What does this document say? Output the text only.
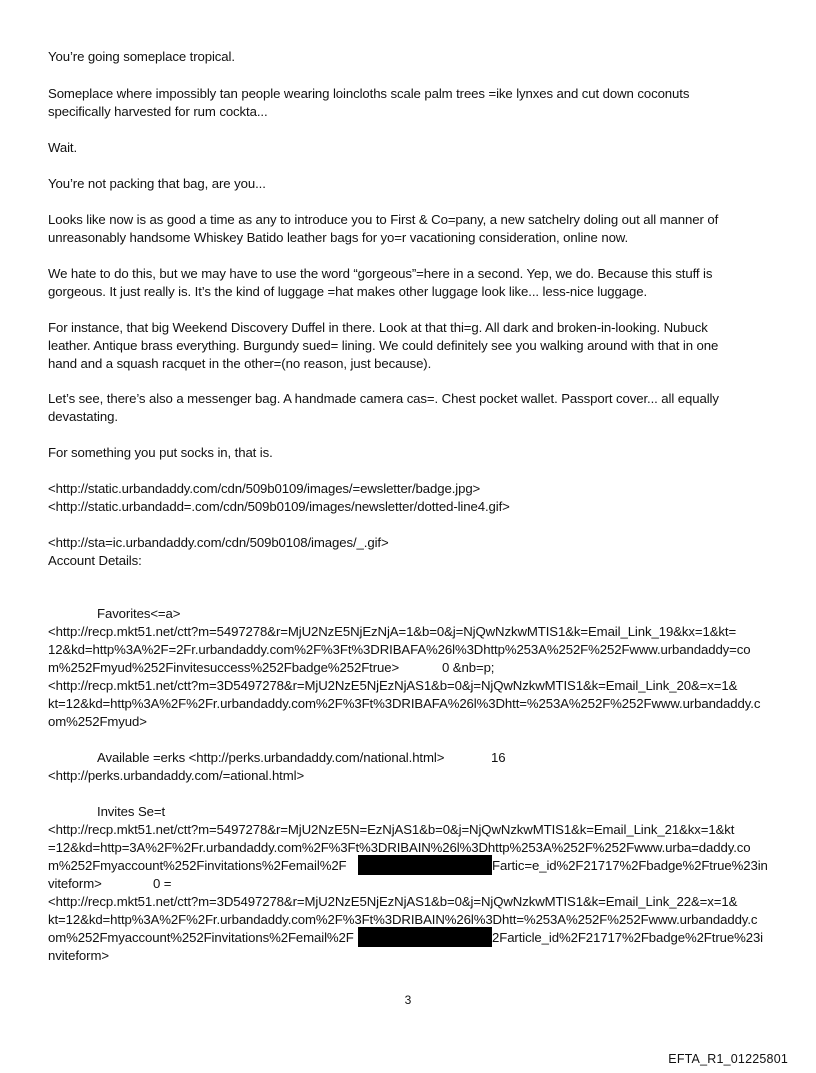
You’re going someplace tropical.
Someplace where impossibly tan people wearing loincloths scale palm trees =ike lynxes and cut down coconuts
specifically harvested for rum cockta...
Wait.
You’re not packing that bag, are you...
Looks like now is as good a time as any to introduce you to First & Co=pany, a new satchelry doling out all manner of
unreasonably handsome Whiskey Batido leather bags for yo=r vacationing consideration, online now.
We hate to do this, but we may have to use the word “gorgeous”=here in a second. Yep, we do. Because this stuff is
gorgeous. It just really is. It’s the kind of luggage =hat makes other luggage look like... less-nice luggage.
For instance, that big Weekend Discovery Duffel in there. Look at that thi=g. All dark and broken-in-looking. Nubuck
leather. Antique brass everything. Burgundy sued= lining. We could definitely see you walking around with that in one
hand and a squash racquet in the other=(no reason, just because).
Let’s see, there’s also a messenger bag. A handmade camera cas=. Chest pocket wallet. Passport cover... all equally
devastating.
For something you put socks in, that is.
<http://static.urbandaddy.com/cdn/509b0109/images/=ewsletter/badge.jpg>
<http://static.urbandadd=.com/cdn/509b0109/images/newsletter/dotted-line4.gif>
<http://sta=ic.urbandaddy.com/cdn/509b0108/images/_.gif>
Account Details:
Favorites<=a>
<http://recp.mkt51.net/ctt?m=5497278&r=MjU2NzE5NjEzNjA=1&b=0&j=NjQwNzkwMTIS1&k=Email_Link_19&kx=1&kt=
12&kd=http%3A%2F=2Fr.urbandaddy.com%2F%3Ft%3DRIBAFA%26l%3Dhttp%253A%252F%252Fwww.urbandaddy=co
m%252Fmyud%252Finvitesuccess%252Fbadge%252Ftrue>	0 &nb=p;
<http://recp.mkt51.net/ctt?m=3D5497278&r=MjU2NzE5NjEzNjAS1&b=0&j=NjQwNzkwMTIS1&k=Email_Link_20&=x=1&
kt=12&kd=http%3A%2F%2Fr.urbandaddy.com%2F%3Ft%3DRIBAFA%26l%3Dhtt=%253A%252F%252Fwww.urbandaddy.c
om%252Fmyud>
Available =erks <http://perks.urbandaddy.com/national.html>	16
<http://perks.urbandaddy.com/=ational.html>
Invites Se=t
<http://recp.mkt51.net/ctt?m=5497278&r=MjU2NzE5N=EzNjAS1&b=0&j=NjQwNzkwMTIS1&k=Email_Link_21&kx=1&kt
=12&kd=http=3A%2F%2Fr.urbandaddy.com%2F%3Ft%3DRIBAIN%26l%3Dhttp%253A%252F%252Fwww.urba=daddy.co
m%252Fmyaccount%252Finvitations%2Femail%2F	Fartic=e_id%2F21717%2Fbadge%2Ftrue%23in
viteform>	0 =
<http://recp.mkt51.net/ctt?m=3D5497278&r=MjU2NzE5NjEzNjAS1&b=0&j=NjQwNzkwMTIS1&k=Email_Link_22&=x=1&
kt=12&kd=http%3A%2F%2Fr.urbandaddy.com%2F%3Ft%3DRIBAIN%26l%3Dhtt=%253A%252F%252Fwww.urbandaddy.c
om%252Fmyaccount%252Finvitations%2Femail%2F	2Farticle_id%2F21717%2Fbadge%2Ftrue%23i
nviteform>
3
EFTA_R1_01225801
